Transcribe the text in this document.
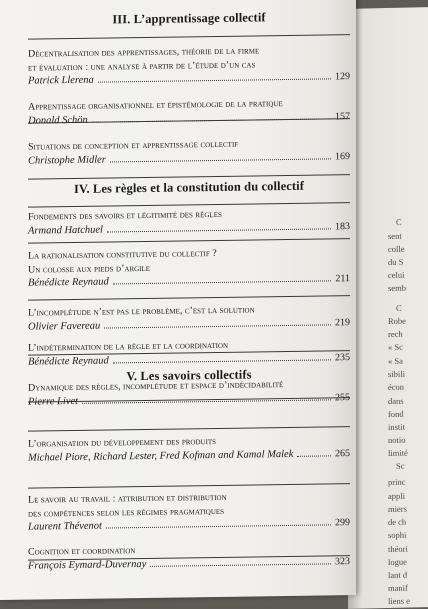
C
sent
colle
du S
celui
semb
C
Robe
rech
« Sc
« Sa
sibili
écon
dans
fond
instit
notio
limité
Sc
princ
appli
miers
de ch
sophi
théori
logue
lant d
manif
liens e
III. L’apprentissage collectif
Décentralisation des apprentissages, théorie de la firme
et évaluation : une analyse à partir de l’étude d’un cas
Patrick Llerena	129
Apprentissage organisationnel et épistémologie de la pratique
Donald Schön	157
Situations de conception et apprentissage collectif
Christophe Midler	169
IV. Les règles et la constitution du collectif
Fondements des savoirs et légitimité des règles
Armand Hatchuel	183
La rationalisation constitutive du collectif ?
Un colosse aux pieds d’argile
Bénédicte Reynaud	211
L’incomplétude n’est pas le problème, c’est la solution
Olivier Favereau	219
L’indétermination de la règle et la coordination
Bénédicte Reynaud	235
Dynamique des règles, incomplétude et espace d’indécidabilité
Pierre Livet	255
V. Les savoirs collectifs
L’organisation du développement des produits
Michael Piore, Richard Lester, Fred Kofman and Kamal Malek	265
Le savoir au travail : attribution et distribution
des compétences selon les régimes pragmatiques
Laurent Thévenot	299
Cognition et coordination
François Eymard-Duvernay	323
